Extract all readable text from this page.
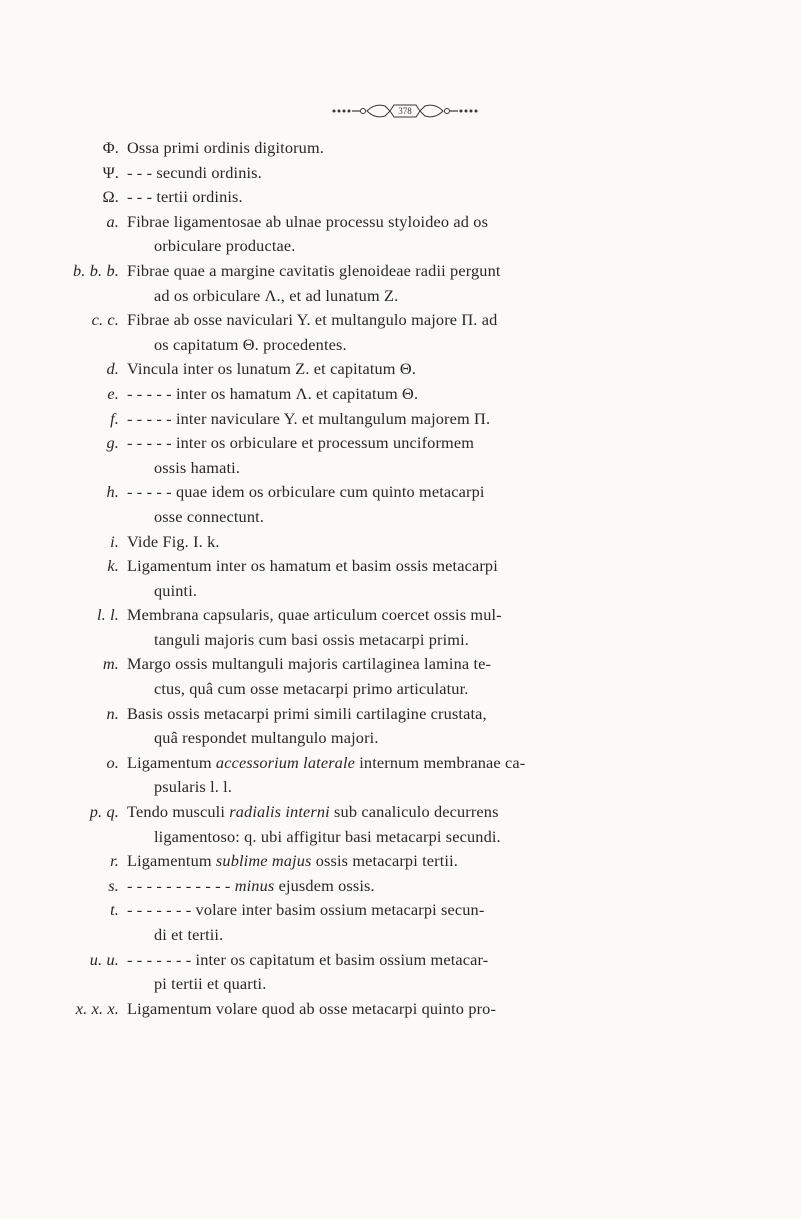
378
Φ. Ossa primi ordinis digitorum.
Ψ. - - - secundi ordinis.
Ω. - - - tertii ordinis.
a. Fibrae ligamentosae ab ulnae processu styloideo ad os
orbiculare productae.
b. b. b. Fibrae quae a margine cavitatis glenoideae radii pergunt
ad os orbiculare Λ., et ad lunatum Z.
c. c. Fibrae ab osse naviculari Y. et multangulo majore Π. ad
os capitatum Θ. procedentes.
d. Vincula inter os lunatum Z. et capitatum Θ.
e. - - - - - inter os hamatum Λ. et capitatum Θ.
f. - - - - - inter naviculare Y. et multangulum majorem Π.
g. - - - - - inter os orbiculare et processum unciformem
ossis hamati.
h. - - - - - quae idem os orbiculare cum quinto metacarpi
osse connectunt.
i. Vide Fig. I. k.
k. Ligamentum inter os hamatum et basim ossis metacarpi
quinti.
l. l. Membrana capsularis, quae articulum coercet ossis mul-
tanguli majoris cum basi ossis metacarpi primi.
m. Margo ossis multanguli majoris cartilaginea lamina te-
ctus, quâ cum osse metacarpi primo articulatur.
n. Basis ossis metacarpi primi simili cartilagine crustata,
quâ respondet multangulo majori.
o. Ligamentum accessorium laterale internum membranae ca-
psularis l. l.
p. q. Tendo musculi radialis interni sub canaliculo decurrens
ligamentoso: q. ubi affigitur basi metacarpi secundi.
r. Ligamentum sublime majus ossis metacarpi tertii.
s. - - - - - - - - - - - minus ejusdem ossis.
t. - - - - - - - volare inter basim ossium metacarpi secun-
di et tertii.
u. u. - - - - - - - inter os capitatum et basim ossium metacar-
pi tertii et quarti.
x. x. x. Ligamentum volare quod ab osse metacarpi quinto pro-
